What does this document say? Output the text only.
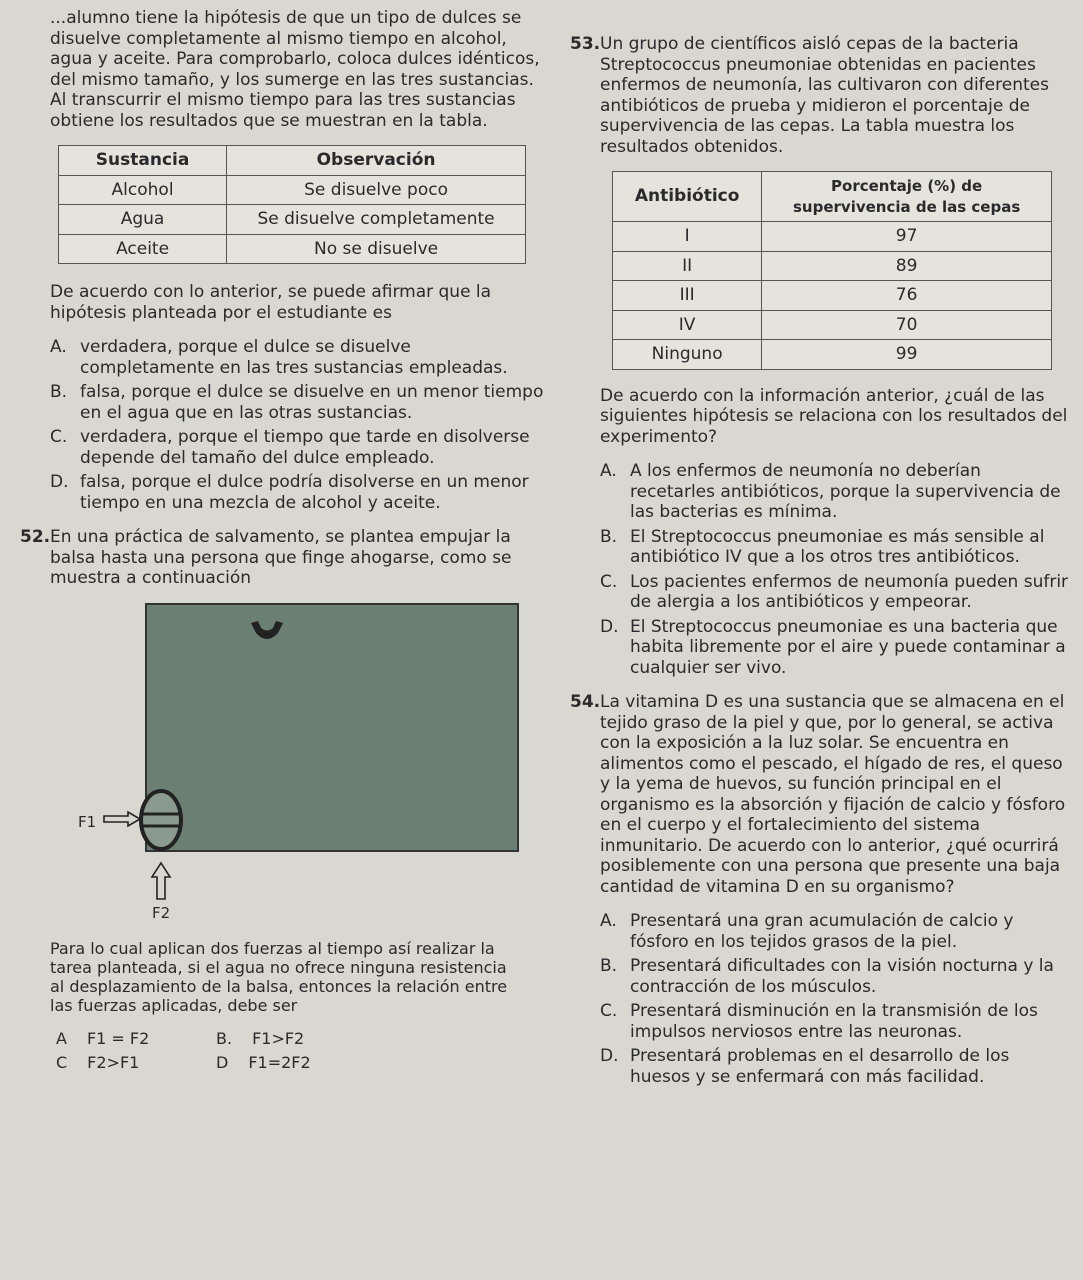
...alumno tiene la hipótesis de que un tipo de dulces se disuelve completamente al mismo tiempo en alcohol, agua y aceite. Para comprobarlo, coloca dulces idénticos, del mismo tamaño, y los sumerge en las tres sustancias. Al transcurrir el mismo tiempo para las tres sustancias obtiene los resultados que se muestran en la tabla.

Sustancia	Observación
Alcohol	Se disuelve poco
Agua	Se disuelve completamente
Aceite	No se disuelve

De acuerdo con lo anterior, se puede afirmar que la hipótesis planteada por el estudiante es

A. verdadera, porque el dulce se disuelve completamente en las tres sustancias empleadas.
B. falsa, porque el dulce se disuelve en un menor tiempo en el agua que en las otras sustancias.
C. verdadera, porque el tiempo que tarde en disolverse depende del tamaño del dulce empleado.
D. falsa, porque el dulce podría disolverse en un menor tiempo en una mezcla de alcohol y aceite.

52.En una práctica de salvamento, se plantea empujar la balsa hasta una persona que finge ahogarse, como se muestra a continuación

F1
F2

Para lo cual aplican dos fuerzas al tiempo así realizar la tarea planteada, si el agua no ofrece ninguna resistencia al desplazamiento de la balsa, entonces la relación entre las fuerzas aplicadas, debe ser

A F1 = F2	B. F1>F2
C F2>F1	D F1=2F2

53.Un grupo de científicos aisló cepas de la bacteria Streptococcus pneumoniae obtenidas en pacientes enfermos de neumonía, las cultivaron con diferentes antibióticos de prueba y midieron el porcentaje de supervivencia de las cepas. La tabla muestra los resultados obtenidos.

Antibiótico	Porcentaje (%) de supervivencia de las cepas
I	97
II	89
III	76
IV	70
Ninguno	99

De acuerdo con la información anterior, ¿cuál de las siguientes hipótesis se relaciona con los resultados del experimento?

A. A los enfermos de neumonía no deberían recetarles antibióticos, porque la supervivencia de las bacterias es mínima.
B. El Streptococcus pneumoniae es más sensible al antibiótico IV que a los otros tres antibióticos.
C. Los pacientes enfermos de neumonía pueden sufrir de alergia a los antibióticos y empeorar.
D. El Streptococcus pneumoniae es una bacteria que habita libremente por el aire y puede contaminar a cualquier ser vivo.

54.La vitamina D es una sustancia que se almacena en el tejido graso de la piel y que, por lo general, se activa con la exposición a la luz solar. Se encuentra en alimentos como el pescado, el hígado de res, el queso y la yema de huevos, su función principal en el organismo es la absorción y fijación de calcio y fósforo en el cuerpo y el fortalecimiento del sistema inmunitario. De acuerdo con lo anterior, ¿qué ocurrirá posiblemente con una persona que presente una baja cantidad de vitamina D en su organismo?

A. Presentará una gran acumulación de calcio y fósforo en los tejidos grasos de la piel.
B. Presentará dificultades con la visión nocturna y la contracción de los músculos.
C. Presentará disminución en la transmisión de los impulsos nerviosos entre las neuronas.
D. Presentará problemas en el desarrollo de los huesos y se enfermará con más facilidad.
